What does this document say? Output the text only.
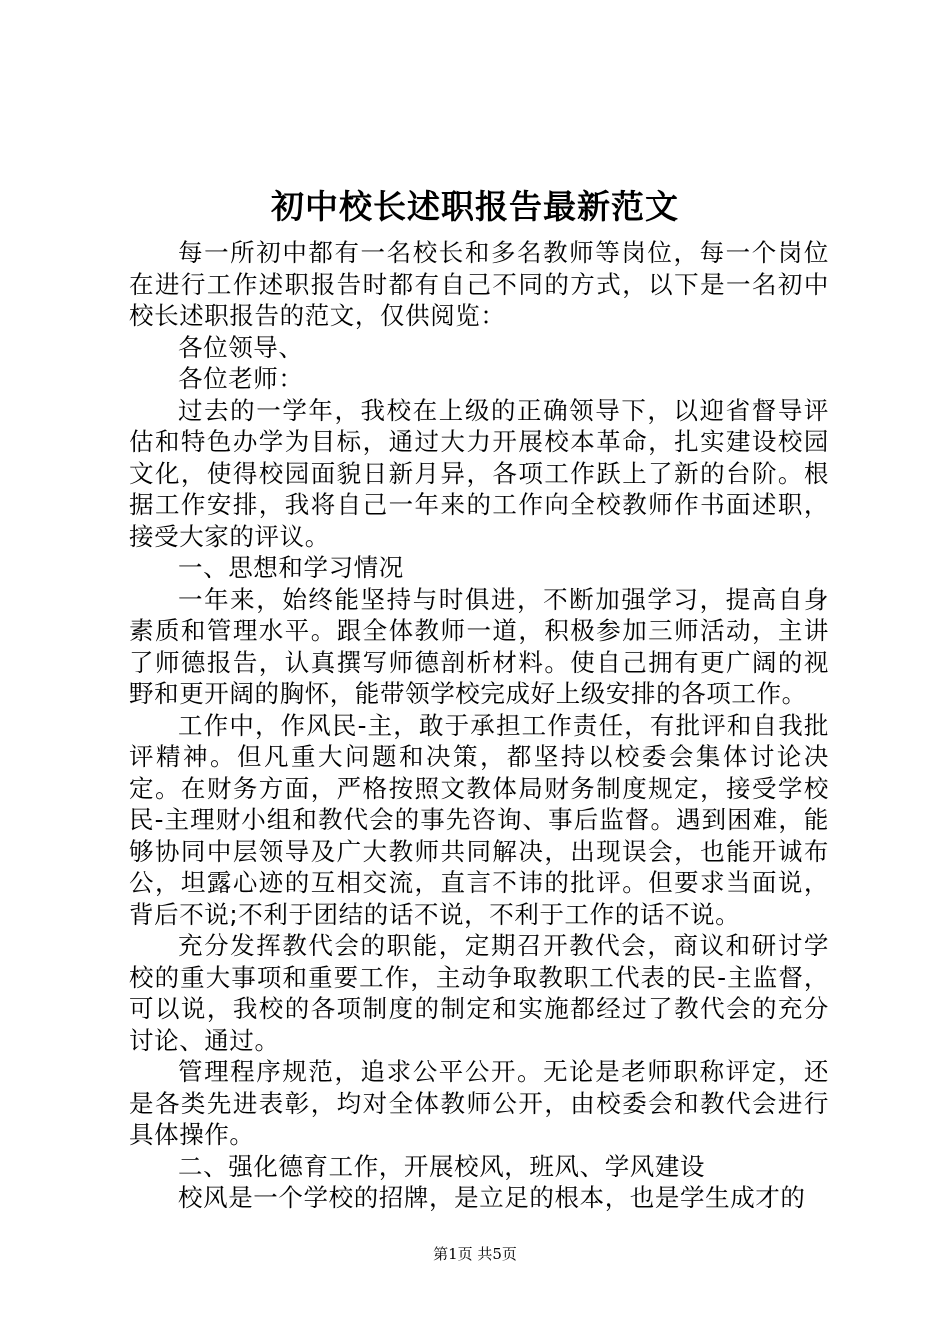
初中校长述职报告最新范文

每一所初中都有一名校长和多名教师等岗位，每一个岗位在进行工作述职报告时都有自己不同的方式，以下是一名初中校长述职报告的范文，仅供阅览：

各位领导、

各位老师：

过去的一学年，我校在上级的正确领导下，以迎省督导评估和特色办学为目标，通过大力开展校本革命，扎实建设校园文化，使得校园面貌日新月异，各项工作跃上了新的台阶。根据工作安排，我将自己一年来的工作向全校教师作书面述职，接受大家的评议。

一、思想和学习情况

一年来，始终能坚持与时俱进，不断加强学习，提高自身素质和管理水平。跟全体教师一道，积极参加三师活动，主讲了师德报告，认真撰写师德剖析材料。使自己拥有更广阔的视野和更开阔的胸怀，能带领学校完成好上级安排的各项工作。

工作中，作风民-主，敢于承担工作责任，有批评和自我批评精神。但凡重大问题和决策，都坚持以校委会集体讨论决定。在财务方面，严格按照文教体局财务制度规定，接受学校民-主理财小组和教代会的事先咨询、事后监督。遇到困难，能够协同中层领导及广大教师共同解决，出现误会，也能开诚布公，坦露心迹的互相交流，直言不讳的批评。但要求当面说，背后不说;不利于团结的话不说，不利于工作的话不说。

充分发挥教代会的职能，定期召开教代会，商议和研讨学校的重大事项和重要工作，主动争取教职工代表的民-主监督，可以说，我校的各项制度的制定和实施都经过了教代会的充分讨论、通过。

管理程序规范，追求公平公开。无论是老师职称评定，还是各类先进表彰，均对全体教师公开，由校委会和教代会进行具体操作。

二、强化德育工作，开展校风，班风、学风建设

校风是一个学校的招牌，是立足的根本，也是学生成才的

第1页 共5页
